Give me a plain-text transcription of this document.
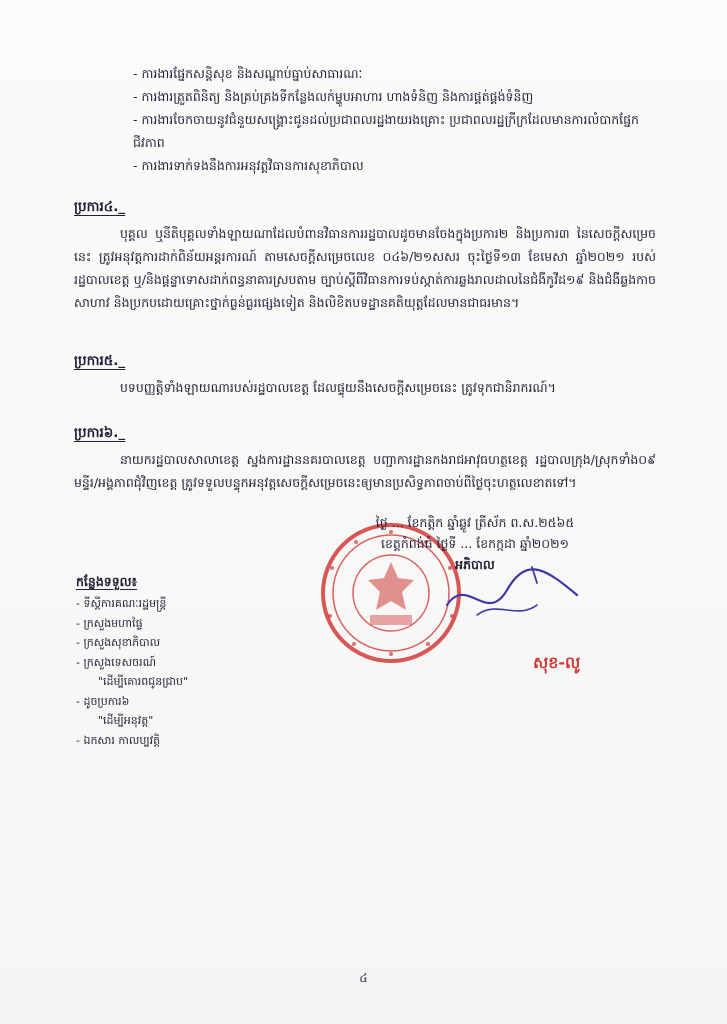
- ការងារផ្នែកសន្តិសុខ និងសណ្តាប់ធ្នាប់សាធារណៈ
- ការងារត្រួតពិនិត្យ និងគ្រប់គ្រងទីកន្លែងលក់ម្ហូបអាហារ ហាងទំនិញ និងការផ្គត់ផ្គង់ទំនិញ
- ការងារចែកចាយនូវជំនួយសង្គ្រោះជូនដល់ប្រជាពលរដ្ឋងាយរងគ្រោះ ប្រជាពលរដ្ឋក្រីក្រដែលមានការលំបាកផ្នែកជីវភាព
- ការងារទាក់ទងនឹងការអនុវត្តវិធានការសុខាភិបាល
ប្រការ៤._
បុគ្គល ឬនីតិបុគ្គលទាំងឡាយណាដែលបំពានវិធានការរដ្ឋបាលដូចមានចែងក្នុងប្រការ២ និងប្រការ៣ នៃសេចក្តីសម្រេចនេះ ត្រូវអនុវត្តការដាក់ពិន័យអន្តរការណ៍ តាមសេចក្តីសម្រេចលេខ ០៤៦/២១សសរ ចុះថ្ងៃទី១៣ ខែមេសា ឆ្នាំ២០២១ របស់រដ្ឋបាលខេត្ត ឬ/និងផ្តន្ទាទោសដាក់ពន្ធនាគារស្របតាម ច្បាប់ស្តីពីវិធានការទប់ស្កាត់ការឆ្លងរាលដាលនៃជំងឺកូវីដ១៩ និងជំងឺឆ្លងកាចសាហាវ និងប្រកបដោយគ្រោះថ្នាក់ធ្ងន់ធ្ងរផ្សេងទៀត និងលិខិតបទដ្ឋានគតិយុត្តដែលមានជាធរមាន។
ប្រការ៥._
បទបញ្ញត្តិទាំងឡាយណារបស់រដ្ឋបាលខេត្ត ដែលផ្ទុយនឹងសេចក្តីសម្រេចនេះ ត្រូវទុកជានិរាករណ៍។
ប្រការ៦._
នាយករដ្ឋបាលសាលាខេត្ត ស្នងការដ្ឋាននគរបាលខេត្ត បញ្ជាការដ្ឋានកងរាជអាវុធហត្ថខេត្ត រដ្ឋបាលក្រុង/ស្រុកទាំង០៩ មន្ទីរ/អង្គភាពជុំវិញខេត្ត ត្រូវទទួលបន្ទុកអនុវត្តសេចក្តីសម្រេចនេះឲ្យមានប្រសិទ្ធភាពចាប់ពីថ្ងៃចុះហត្ថលេខាតទៅ។
ថ្ងៃ ... ខែកត្តិក ឆ្នាំឆ្លូវ ត្រីស័ក ព.ស.២៥៦៥
ខេត្តកំពង់ធំ ថ្ងៃទី ... ខែកក្កដា ឆ្នាំ២០២១
អភិបាល
សុខ-លូ
កន្លែងទទួល៖
- ទីស្តីការគណៈរដ្ឋមន្ត្រី
- ក្រសួងមហាផ្ទៃ
- ក្រសួងសុខាភិបាល
- ក្រសួងទេសចរណ៍
"ដើម្បីគោរពជូនជ្រាប"
- ដូចប្រការ៦
"ដើម្បីអនុវត្ត"
- ឯកសារ កាលប្បវត្តិ
៤
